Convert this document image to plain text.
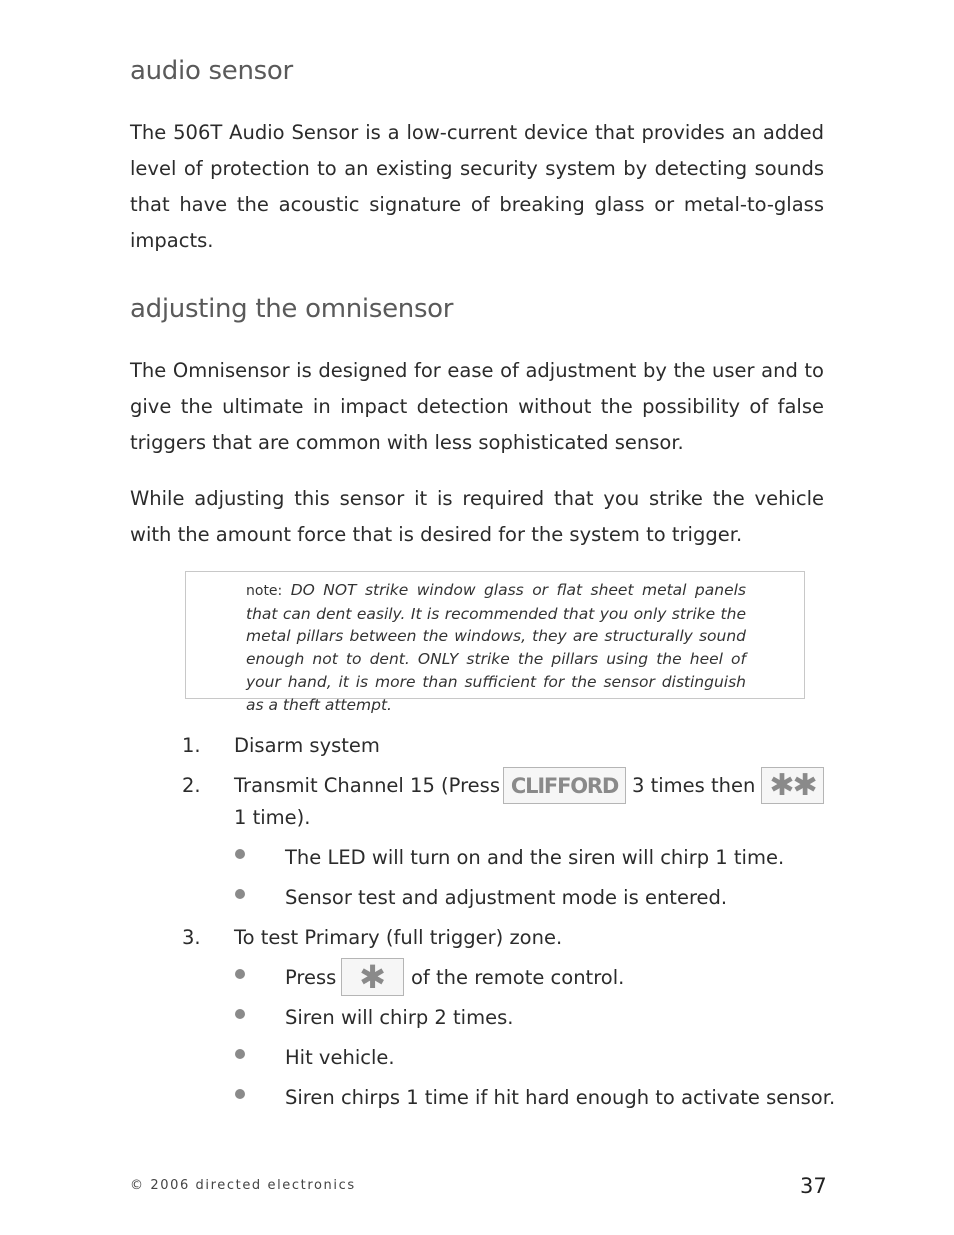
audio sensor

The 506T Audio Sensor is a low-current device that provides an added level of protection to an existing security system by detecting sounds that have the acoustic signature of breaking glass or metal-to-glass impacts.

adjusting the omnisensor

The Omnisensor is designed for ease of adjustment by the user and to give the ultimate in impact detection without the possibility of false triggers that are common with less sophisticated sensor.

While adjusting this sensor it is required that you strike the vehicle with the amount force that is desired for the system to trigger.

note: DO NOT strike window glass or flat sheet metal panels that can dent easily. It is recommended that you only strike the metal pillars between the windows, they are structurally sound enough not to dent. ONLY strike the pillars using the heel of your hand, it is more than sufficient for the sensor distinguish as a theft attempt.

1. Disarm system
2. Transmit Channel 15 (Press CLIFFORD 3 times then ✱✱
1 time).
The LED will turn on and the siren will chirp 1 time.
Sensor test and adjustment mode is entered.
3. To test Primary (full trigger) zone.
Press ✱ of the remote control.
Siren will chirp 2 times.
Hit vehicle.
Siren chirps 1 time if hit hard enough to activate sensor.
© 2006 directed electronics	37
